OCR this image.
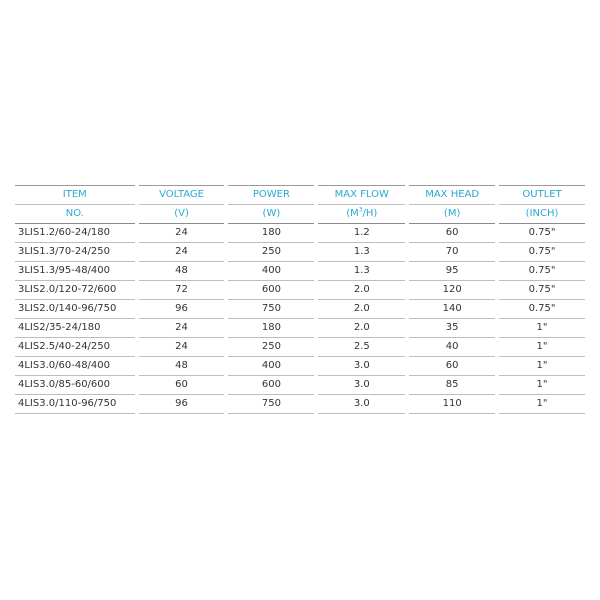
ITEM	VOLTAGE	POWER	MAX FLOW	MAX HEAD	OUTLET
NO.	(V)	(W)	$(M^3/H)$	(M)	(INCH)
3LIS1.2/60-24/180	24	180	1.2	60	0.75"
3LIS1.3/70-24/250	24	250	1.3	70	0.75"
3LIS1.3/95-48/400	48	400	1.3	95	0.75"
3LIS2.0/120-72/600	72	600	2.0	120	0.75"
3LIS2.0/140-96/750	96	750	2.0	140	0.75"
4LIS2/35-24/180	24	180	2.0	35	1"
4LIS2.5/40-24/250	24	250	2.5	40	1"
4LIS3.0/60-48/400	48	400	3.0	60	1"
4LIS3.0/85-60/600	60	600	3.0	85	1"
4LIS3.0/110-96/750	96	750	3.0	110	1"
